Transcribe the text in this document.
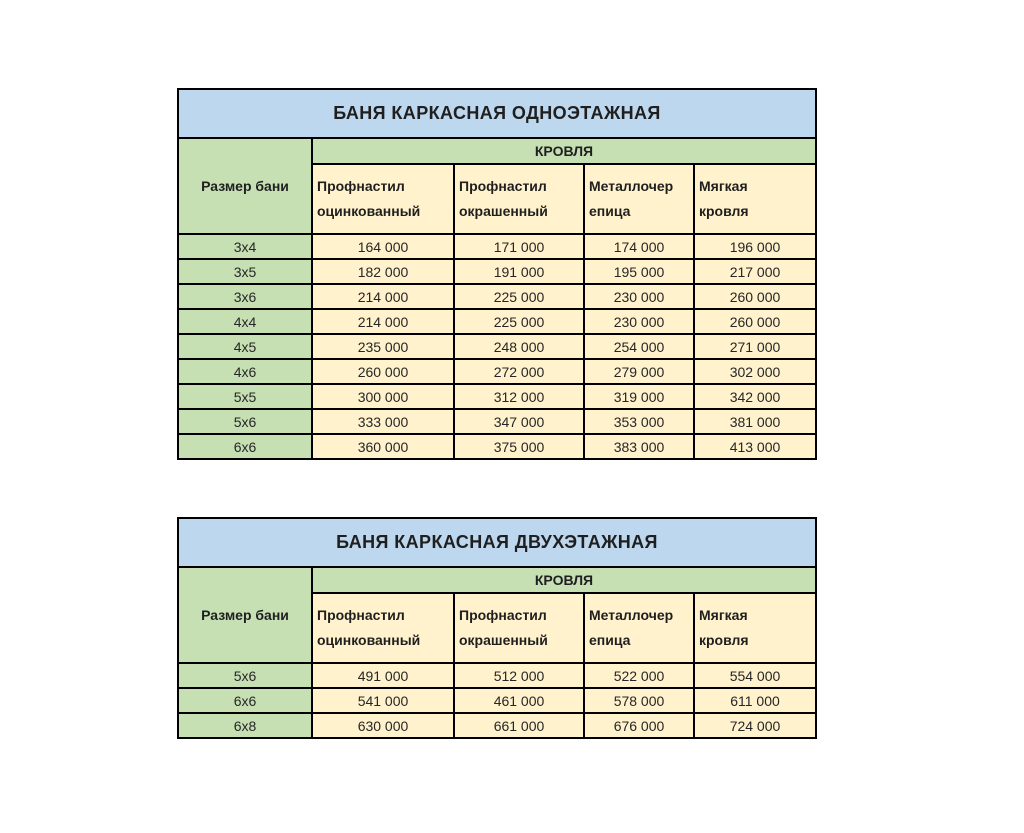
БАНЯ КАРКАСНАЯ ОДНОЭТАЖНАЯ				
Размер бани	КРОВЛЯ			

Профнастил
оцинкованный

Профнастил
окрашенный

Металлочер
епица

Мягкая
кровля

3x4	164 000	171 000	174 000	196 000
3x5	182 000	191 000	195 000	217 000
3x6	214 000	225 000	230 000	260 000
4x4	214 000	225 000	230 000	260 000
4x5	235 000	248 000	254 000	271 000
4x6	260 000	272 000	279 000	302 000
5x5	300 000	312 000	319 000	342 000
5x6	333 000	347 000	353 000	381 000
6x6	360 000	375 000	383 000	413 000
БАНЯ КАРКАСНАЯ ДВУХЭТАЖНАЯ				
Размер бани	КРОВЛЯ			

Профнастил
оцинкованный

Профнастил
окрашенный

Металлочер
епица

Мягкая
кровля

5x6	491 000	512 000	522 000	554 000
6x6	541 000	461 000	578 000	611 000
6x8	630 000	661 000	676 000	724 000
